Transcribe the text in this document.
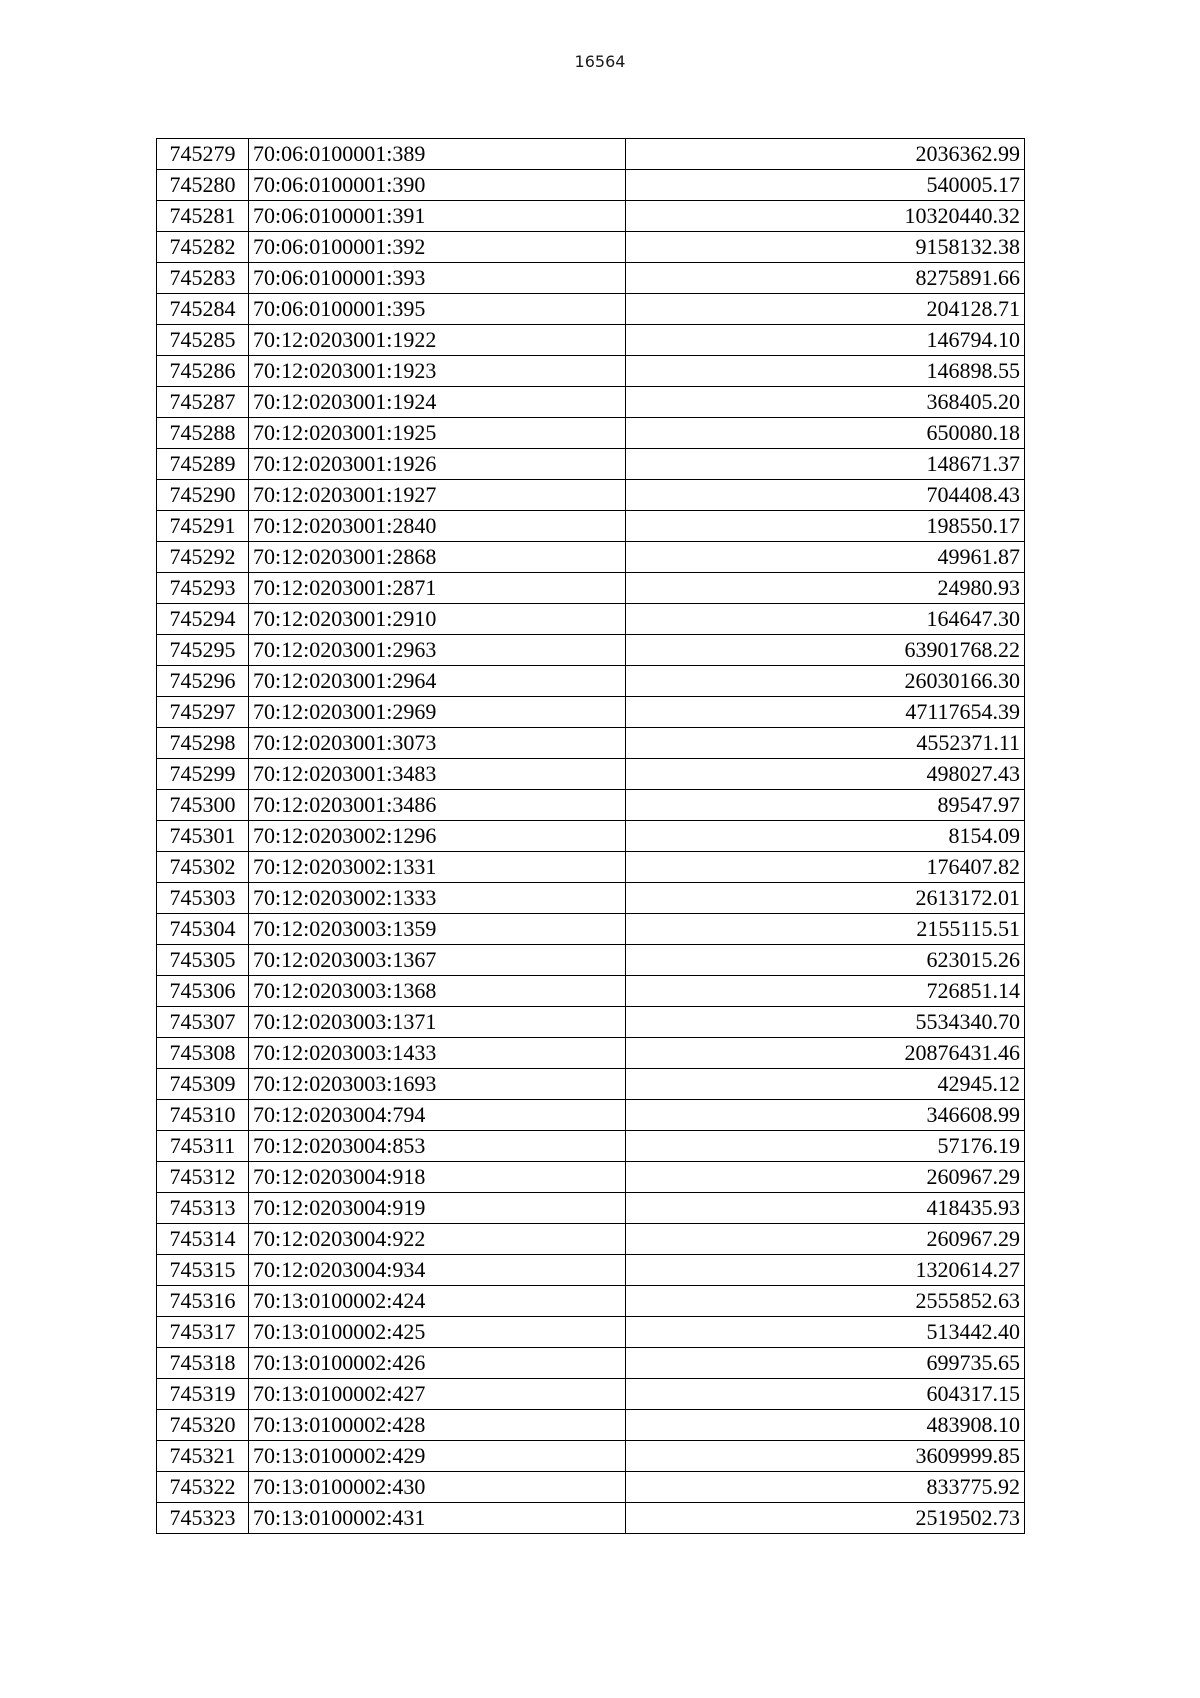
16564
745279	70:06:0100001:389	2036362.99
745280	70:06:0100001:390	540005.17
745281	70:06:0100001:391	10320440.32
745282	70:06:0100001:392	9158132.38
745283	70:06:0100001:393	8275891.66
745284	70:06:0100001:395	204128.71
745285	70:12:0203001:1922	146794.10
745286	70:12:0203001:1923	146898.55
745287	70:12:0203001:1924	368405.20
745288	70:12:0203001:1925	650080.18
745289	70:12:0203001:1926	148671.37
745290	70:12:0203001:1927	704408.43
745291	70:12:0203001:2840	198550.17
745292	70:12:0203001:2868	49961.87
745293	70:12:0203001:2871	24980.93
745294	70:12:0203001:2910	164647.30
745295	70:12:0203001:2963	63901768.22
745296	70:12:0203001:2964	26030166.30
745297	70:12:0203001:2969	47117654.39
745298	70:12:0203001:3073	4552371.11
745299	70:12:0203001:3483	498027.43
745300	70:12:0203001:3486	89547.97
745301	70:12:0203002:1296	8154.09
745302	70:12:0203002:1331	176407.82
745303	70:12:0203002:1333	2613172.01
745304	70:12:0203003:1359	2155115.51
745305	70:12:0203003:1367	623015.26
745306	70:12:0203003:1368	726851.14
745307	70:12:0203003:1371	5534340.70
745308	70:12:0203003:1433	20876431.46
745309	70:12:0203003:1693	42945.12
745310	70:12:0203004:794	346608.99
745311	70:12:0203004:853	57176.19
745312	70:12:0203004:918	260967.29
745313	70:12:0203004:919	418435.93
745314	70:12:0203004:922	260967.29
745315	70:12:0203004:934	1320614.27
745316	70:13:0100002:424	2555852.63
745317	70:13:0100002:425	513442.40
745318	70:13:0100002:426	699735.65
745319	70:13:0100002:427	604317.15
745320	70:13:0100002:428	483908.10
745321	70:13:0100002:429	3609999.85
745322	70:13:0100002:430	833775.92
745323	70:13:0100002:431	2519502.73
